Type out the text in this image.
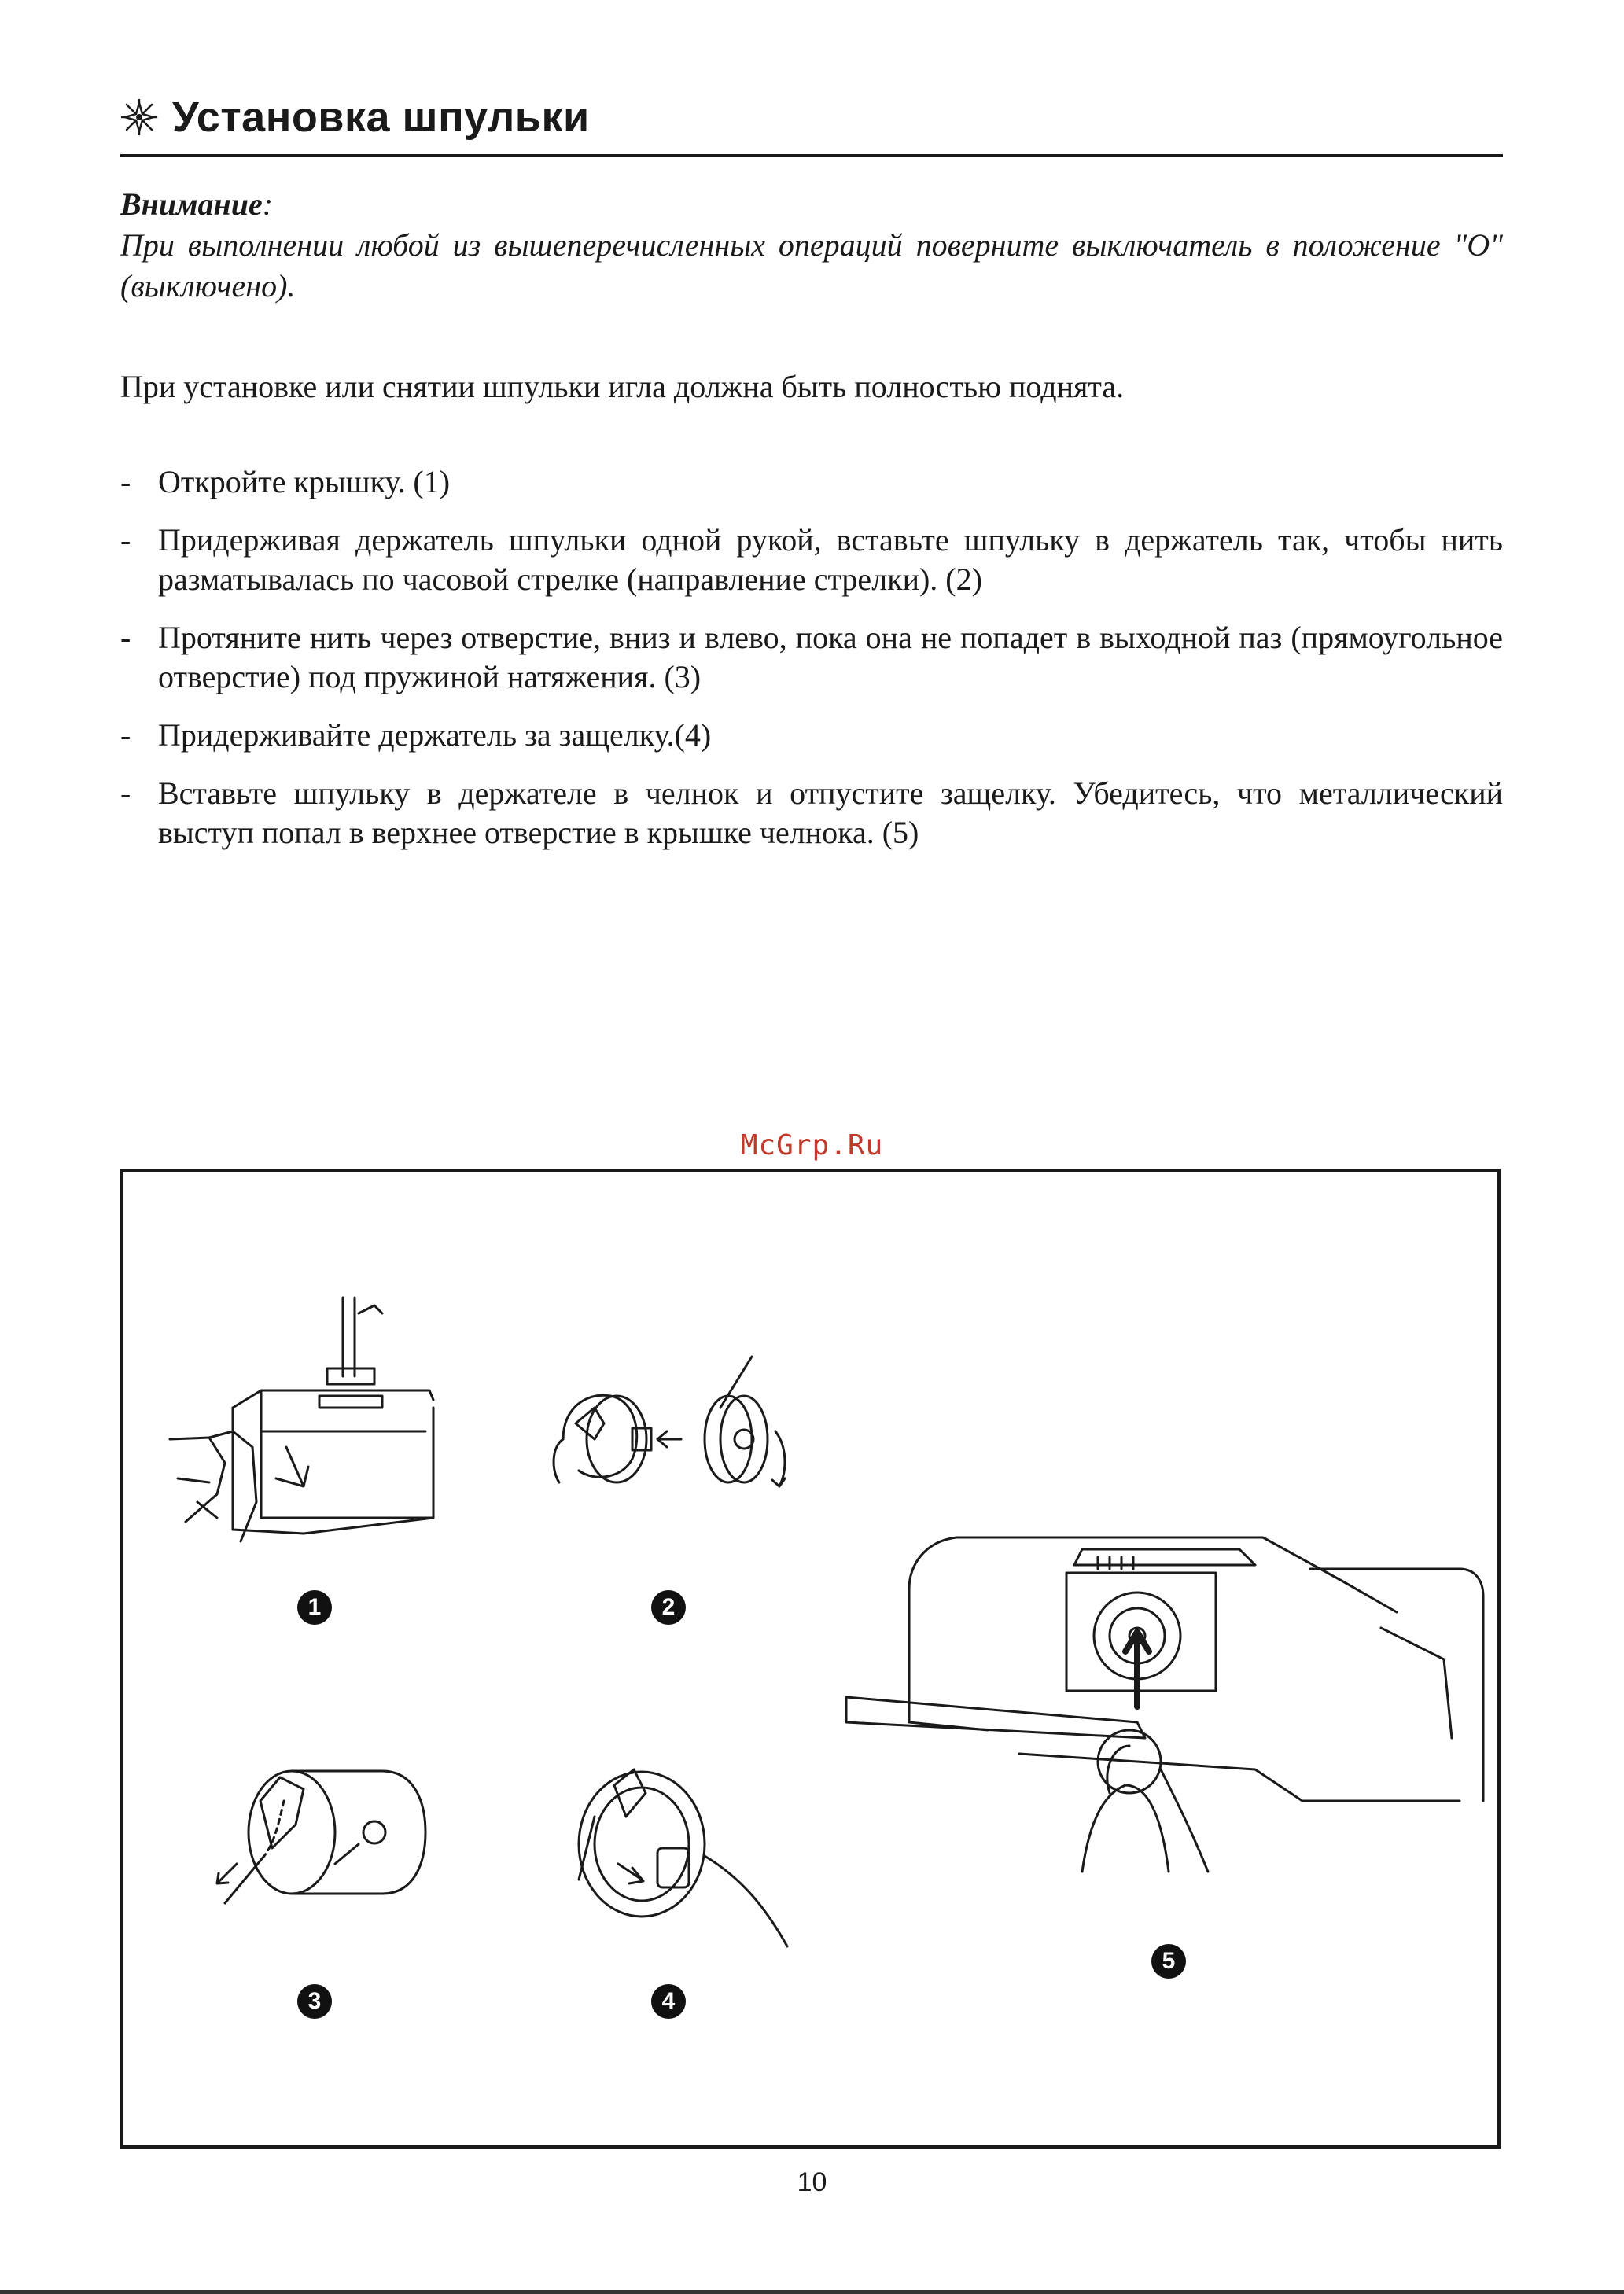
Установка шпульки
Внимание:
При выполнении любой из вышеперечисленных операций поверните выключатель в положение "O" (выключено).
При установке или снятии шпульки игла должна быть полностью поднята.
- Откройте крышку. (1)
- Придерживая держатель шпульки одной рукой, вставьте шпульку в держатель так, чтобы нить разматывалась по часовой стрелке (направление стрелки). (2)
- Протяните нить через отверстие, вниз и влево, пока она не попадет в выходной паз (прямоугольное отверстие) под пружиной натяжения. (3)
- Придерживайте держатель за защелку.(4)
- Вставьте шпульку в держателе в челнок и отпустите защелку. Убедитесь, что металлический выступ попал в верхнее отверстие в крышке челнока. (5)
McGrp.Ru
1	2
3	4
5
10
